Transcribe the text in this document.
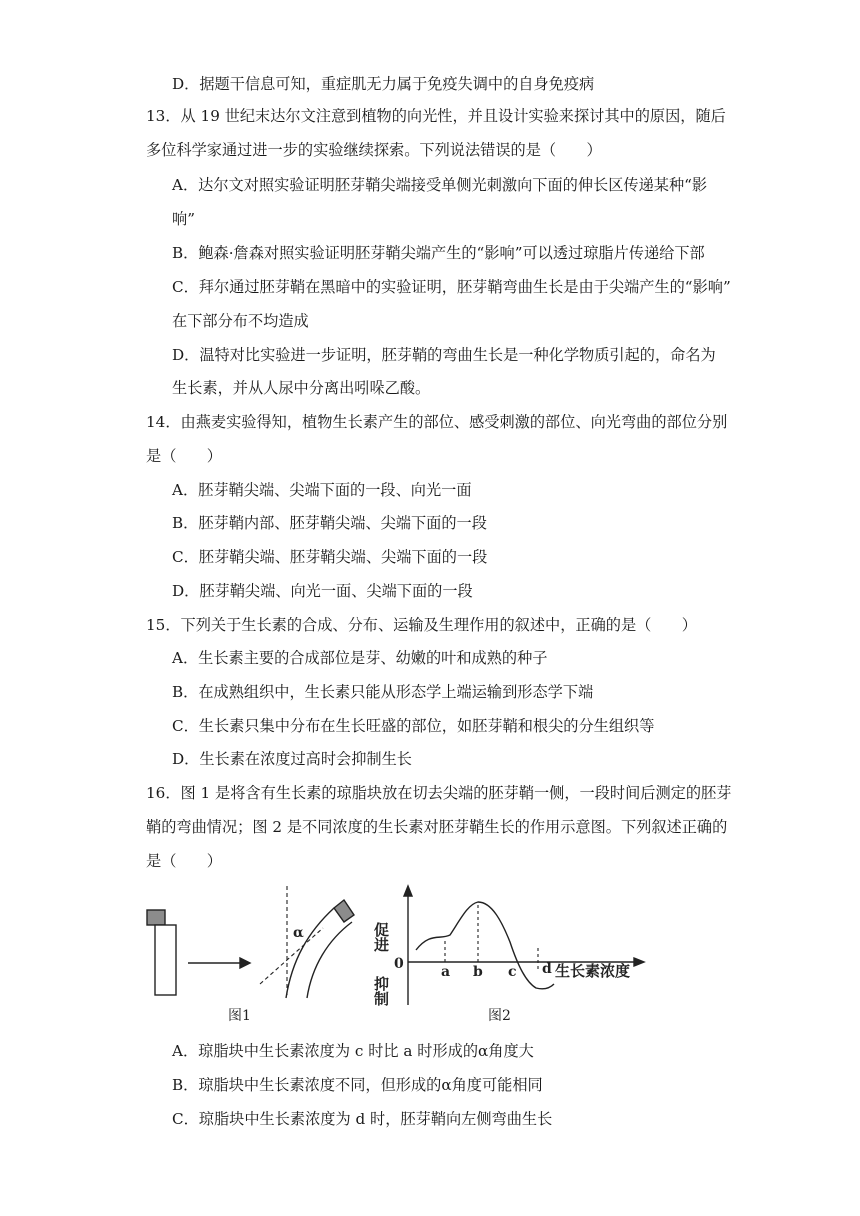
D．据题干信息可知，重症肌无力属于免疫失调中的自身免疫病
13．从 19 世纪末达尔文注意到植物的向光性，并且设计实验来探讨其中的原因，随后
多位科学家通过进一步的实验继续探索。下列说法错误的是（　　）
A．达尔文对照实验证明胚芽鞘尖端接受单侧光刺激向下面的伸长区传递某种“影
响”
B．鲍森·詹森对照实验证明胚芽鞘尖端产生的“影响”可以透过琼脂片传递给下部
C．拜尔通过胚芽鞘在黑暗中的实验证明，胚芽鞘弯曲生长是由于尖端产生的“影响”
在下部分布不均造成
D．温特对比实验进一步证明，胚芽鞘的弯曲生长是一种化学物质引起的，命名为
生长素，并从人尿中分离出吲哚乙酸。
14．由燕麦实验得知，植物生长素产生的部位、感受刺激的部位、向光弯曲的部位分别
是（　　）
A．胚芽鞘尖端、尖端下面的一段、向光一面
B．胚芽鞘内部、胚芽鞘尖端、尖端下面的一段
C．胚芽鞘尖端、胚芽鞘尖端、尖端下面的一段
D．胚芽鞘尖端、向光一面、尖端下面的一段
15．下列关于生长素的合成、分布、运输及生理作用的叙述中，正确的是（　　）
A．生长素主要的合成部位是芽、幼嫩的叶和成熟的种子
B．在成熟组织中，生长素只能从形态学上端运输到形态学下端
C．生长素只集中分布在生长旺盛的部位，如胚芽鞘和根尖的分生组织等
D．生长素在浓度过高时会抑制生长
16．图 1 是将含有生长素的琼脂块放在切去尖端的胚芽鞘一侧，一段时间后测定的胚芽
鞘的弯曲情况；图 2 是不同浓度的生长素对胚芽鞘生长的作用示意图。下列叙述正确的
是（　　）
α
图1
促进
抑制
0	a b c d 生长素浓度
图2
A．琼脂块中生长素浓度为 c 时比 a 时形成的α角度大
B．琼脂块中生长素浓度不同，但形成的α角度可能相同
C．琼脂块中生长素浓度为 d 时，胚芽鞘向左侧弯曲生长
